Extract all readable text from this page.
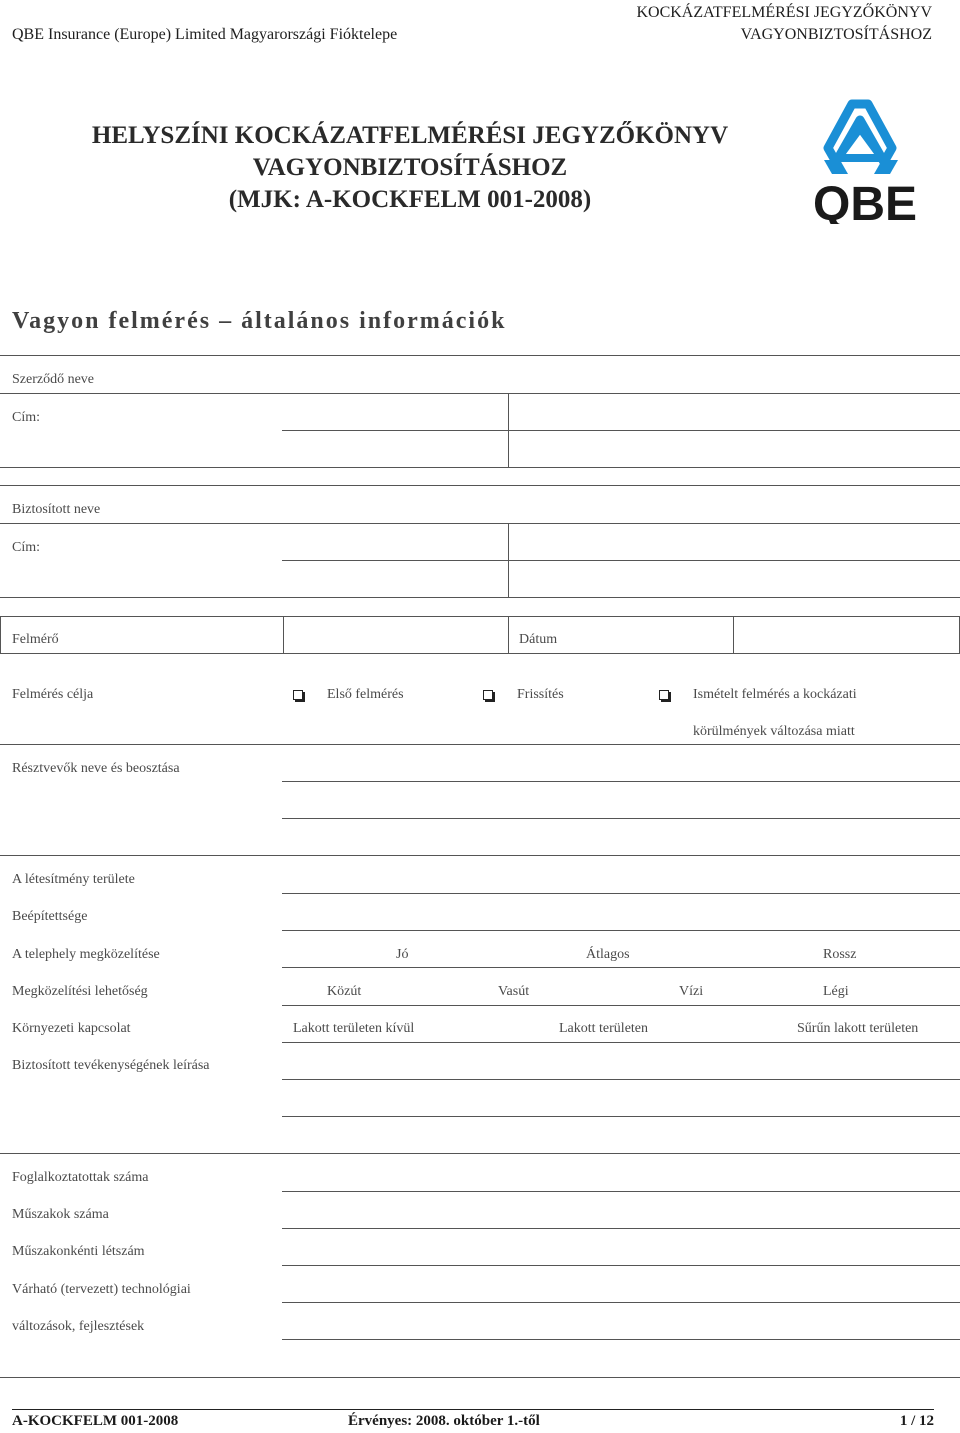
QBE Insurance (Europe) Limited Magyarországi Fióktelepe
KOCKÁZATFELMÉRÉSI JEGYZŐKÖNYV
VAGYONBIZTOSÍTÁSHOZ
HELYSZÍNI KOCKÁZATFELMÉRÉSI JEGYZŐKÖNYV
VAGYONBIZTOSÍTÁSHOZ
(MJK: A-KOCKFELM 001-2008)	QBE
Vagyon felmérés – általános információk
Szerződő neve
Cím:
Biztosított neve
Cím:
Felmérő	Dátum
Felmérés célja	Első felmérés	Frissítés	Ismételt felmérés a kockázati
körülmények változása miatt
Résztvevők neve és beosztása
A létesítmény területe
Beépítettsége
A telephely megközelítése	Jó	Átlagos	Rossz
Megközelítési lehetőség	Közút	Vasút	Vízi	Légi
Környezeti kapcsolat	Lakott területen kívül	Lakott területen	Sűrűn lakott területen
Biztosított tevékenységének leírása
Foglalkoztatottak száma
Műszakok száma
Műszakonkénti létszám
Várható (tervezett) technológiai
változások, fejlesztések
A-KOCKFELM 001-2008	Érvényes: 2008. október 1.-től	1 / 12
